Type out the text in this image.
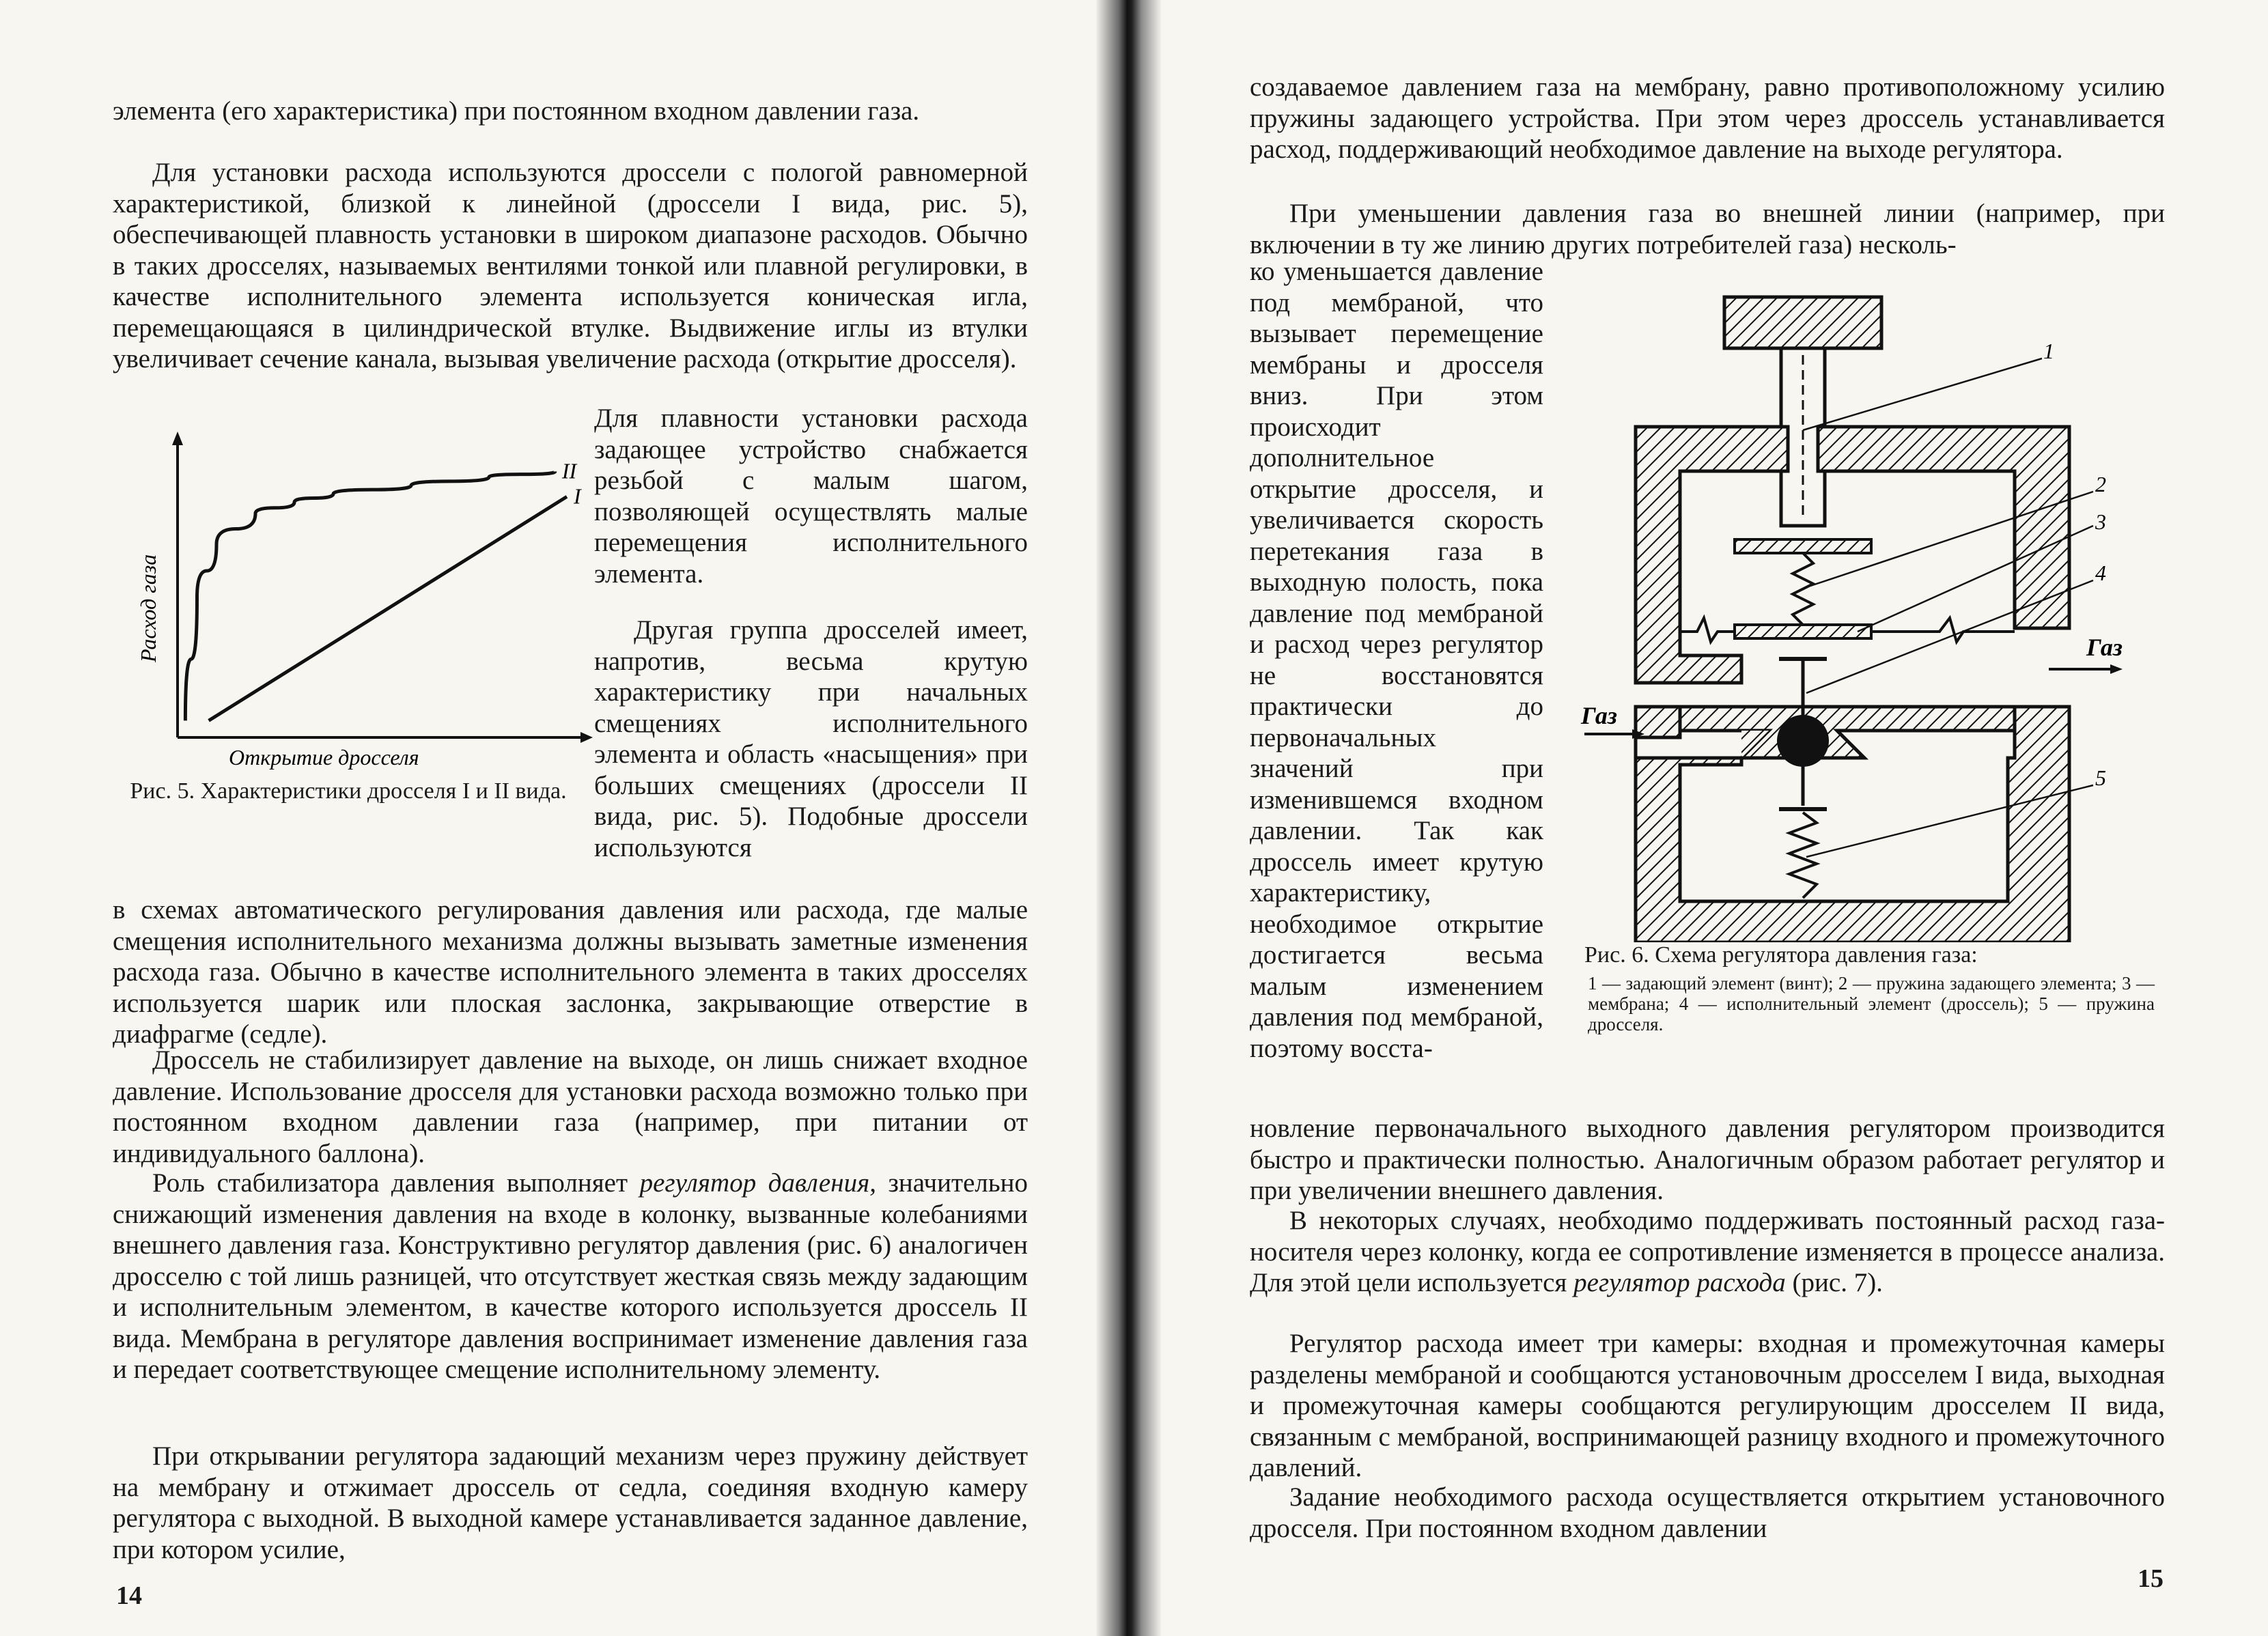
элемента (его характеристика) при постоянном входном давлении газа.

Для установки расхода используются дроссели с пологой равномерной характеристикой, близкой к линейной (дроссели I вида, рис. 5), обеспечивающей плавность установки в широком диапазоне расходов. Обычно в таких дросселях, называемых вентилями тонкой или плавной регулировки, в качестве исполнительного элемента используется коническая игла, перемещающаяся в цилиндрической втулке. Выдвижение иглы из втулки увеличивает сечение канала, вызывая увеличение расхода (открытие дросселя).

II
I
Открытие дросселя
Расход газа
Рис. 5. Характеристики дросселя I и II вида.

Для плавности установки расхода задающее устройство снабжается резьбой с малым шагом, позволяющей осуществлять малые перемещения исполнительного элемента.

Другая группа дросселей имеет, напротив, весьма крутую характеристику при начальных смещениях исполнительного элемента и область «насыщения» при больших смещениях (дроссели II вида, рис. 5). Подобные дроссели используются

в схемах автоматического регулирования давления или расхода, где малые смещения исполнительного механизма должны вызывать заметные изменения расхода газа. Обычно в качестве исполнительного элемента в таких дросселях используется шарик или плоская заслонка, закрывающие отверстие в диафрагме (седле).

Дроссель не стабилизирует давление на выходе, он лишь снижает входное давление. Использование дросселя для установки расхода возможно только при постоянном входном давлении газа (например, при питании от индивидуального баллона).

Роль стабилизатора давления выполняет регулятор давления, значительно снижающий изменения давления на входе в колонку, вызванные колебаниями внешнего давления газа. Конструктивно регулятор давления (рис. 6) аналогичен дросселю с той лишь разницей, что отсутствует жесткая связь между задающим и исполнительным элементом, в качестве которого используется дроссель II вида. Мембрана в регуляторе давления воспринимает изменение давления газа и передает соответствующее смещение исполнительному элементу.

При открывании регулятора задающий механизм через пружину действует на мембрану и отжимает дроссель от седла, соединяя входную камеру регулятора с выходной. В выходной камере устанавливается заданное давление, при котором усилие,

14

создаваемое давлением газа на мембрану, равно противоположному усилию пружины задающего устройства. При этом через дроссель устанавливается расход, поддерживающий необходимое давление на выходе регулятора.

При уменьшении давления газа во внешней линии (например, при включении в ту же линию других потребителей газа) несколь-

ко уменьшается давление под мембраной, что вызывает перемещение мембраны и дросселя вниз. При этом происходит дополнительное открытие дросселя, и увеличивается скорость перетекания газа в выходную полость, пока давление под мембраной и расход через регулятор не восстановятся практически до первоначальных значений при изменившемся входном давлении. Так как дроссель имеет крутую характеристику, необходимое открытие достигается весьма малым изменением давления под мембраной, поэтому восста-

Газ
Газ
1
2
3
4
5
Рис. 6. Схема регулятора давления газа:
1 — задающий элемент (винт); 2 — пружина задающего элемента; 3 — мембрана; 4 — исполнительный элемент (дроссель); 5 — пружина дросселя.

новление первоначального выходного давления регулятором производится быстро и практически полностью. Аналогичным образом работает регулятор и при увеличении внешнего давления.

В некоторых случаях, необходимо поддерживать постоянный расход газа-носителя через колонку, когда ее сопротивление изменяется в процессе анализа. Для этой цели используется регулятор расхода (рис. 7).

Регулятор расхода имеет три камеры: входная и промежуточная камеры разделены мембраной и сообщаются установочным дросселем I вида, выходная и промежуточная камеры сообщаются регулирующим дросселем II вида, связанным с мембраной, воспринимающей разницу входного и промежуточного давлений.

Задание необходимого расхода осуществляется открытием установочного дросселя. При постоянном входном давлении

15
